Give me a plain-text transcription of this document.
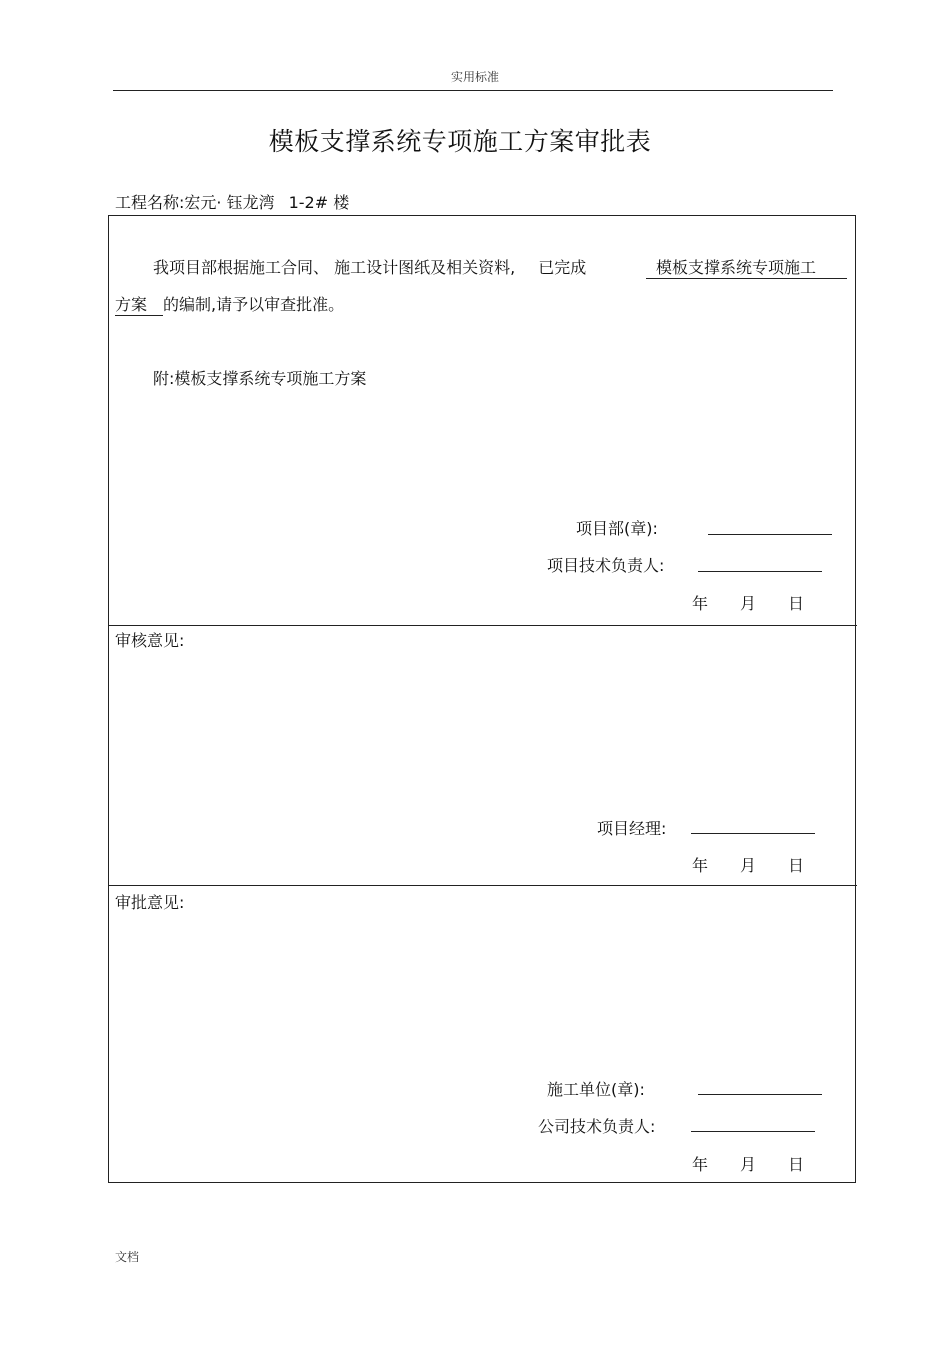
实用标准
模板支撑系统专项施工方案审批表
工程名称:宏元· 钰龙湾 1-2# 楼
我项目部根据施工合同、 施工设计图纸及相关资料, 已完成	模板支撑系统专项施工
方案 的编制,请予以审查批准。
附:模板支撑系统专项施工方案
项目部(章):
项目技术负责人:
年 月 日
审核意见:
项目经理:
年 月 日
审批意见:
施工单位(章):
公司技术负责人:
年 月 日
文档
